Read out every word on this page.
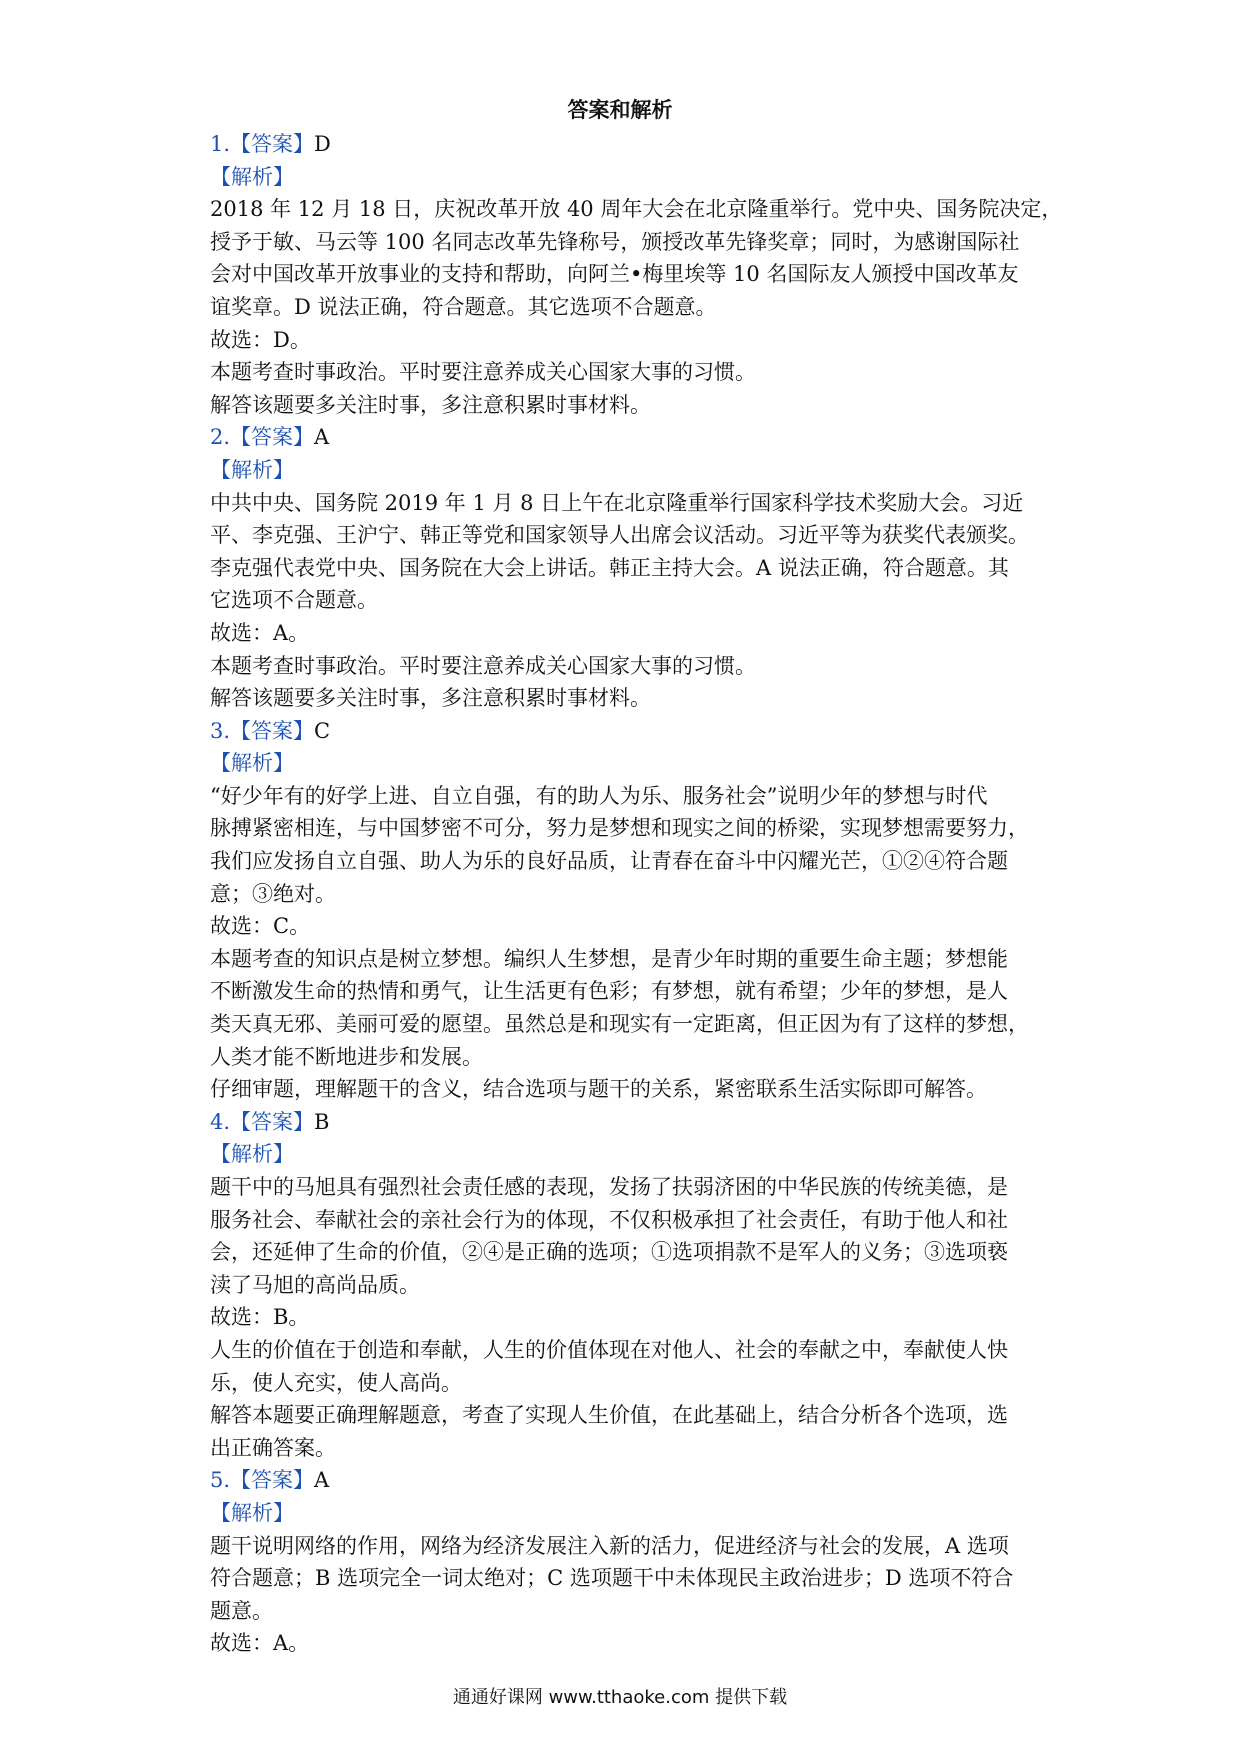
答案和解析
1.【答案】D
【解析】
2018 年 12 月 18 日，庆祝改革开放 40 周年大会在北京隆重举行。党中央、国务院决定，
授予于敏、马云等 100 名同志改革先锋称号，颁授改革先锋奖章；同时，为感谢国际社
会对中国改革开放事业的支持和帮助，向阿兰•梅里埃等 10 名国际友人颁授中国改革友
谊奖章。D 说法正确，符合题意。其它选项不合题意。
故选：D。
本题考查时事政治。平时要注意养成关心国家大事的习惯。
解答该题要多关注时事，多注意积累时事材料。
2.【答案】A
【解析】
中共中央、国务院 2019 年 1 月 8 日上午在北京隆重举行国家科学技术奖励大会。习近
平、李克强、王沪宁、韩正等党和国家领导人出席会议活动。习近平等为获奖代表颁奖。
李克强代表党中央、国务院在大会上讲话。韩正主持大会。A 说法正确，符合题意。其
它选项不合题意。
故选：A。
本题考查时事政治。平时要注意养成关心国家大事的习惯。
解答该题要多关注时事，多注意积累时事材料。
3.【答案】C
【解析】
“好少年有的好学上进、自立自强，有的助人为乐、服务社会”说明少年的梦想与时代
脉搏紧密相连，与中国梦密不可分，努力是梦想和现实之间的桥梁，实现梦想需要努力，
我们应发扬自立自强、助人为乐的良好品质，让青春在奋斗中闪耀光芒，①②④符合题
意；③绝对。
故选：C。
本题考查的知识点是树立梦想。编织人生梦想，是青少年时期的重要生命主题；梦想能
不断激发生命的热情和勇气，让生活更有色彩；有梦想，就有希望；少年的梦想，是人
类天真无邪、美丽可爱的愿望。虽然总是和现实有一定距离，但正因为有了这样的梦想，
人类才能不断地进步和发展。
仔细审题，理解题干的含义，结合选项与题干的关系，紧密联系生活实际即可解答。
4.【答案】B
【解析】
题干中的马旭具有强烈社会责任感的表现，发扬了扶弱济困的中华民族的传统美德，是
服务社会、奉献社会的亲社会行为的体现，不仅积极承担了社会责任，有助于他人和社
会，还延伸了生命的价值，②④是正确的选项；①选项捐款不是军人的义务；③选项亵
渎了马旭的高尚品质。
故选：B。
人生的价值在于创造和奉献，人生的价值体现在对他人、社会的奉献之中，奉献使人快
乐，使人充实，使人高尚。
解答本题要正确理解题意，考查了实现人生价值，在此基础上，结合分析各个选项，选
出正确答案。
5.【答案】A
【解析】
题干说明网络的作用，网络为经济发展注入新的活力，促进经济与社会的发展，A 选项
符合题意；B 选项完全一词太绝对；C 选项题干中未体现民主政治进步；D 选项不符合
题意。
故选：A。
通通好课网 www.tthaoke.com 提供下载
